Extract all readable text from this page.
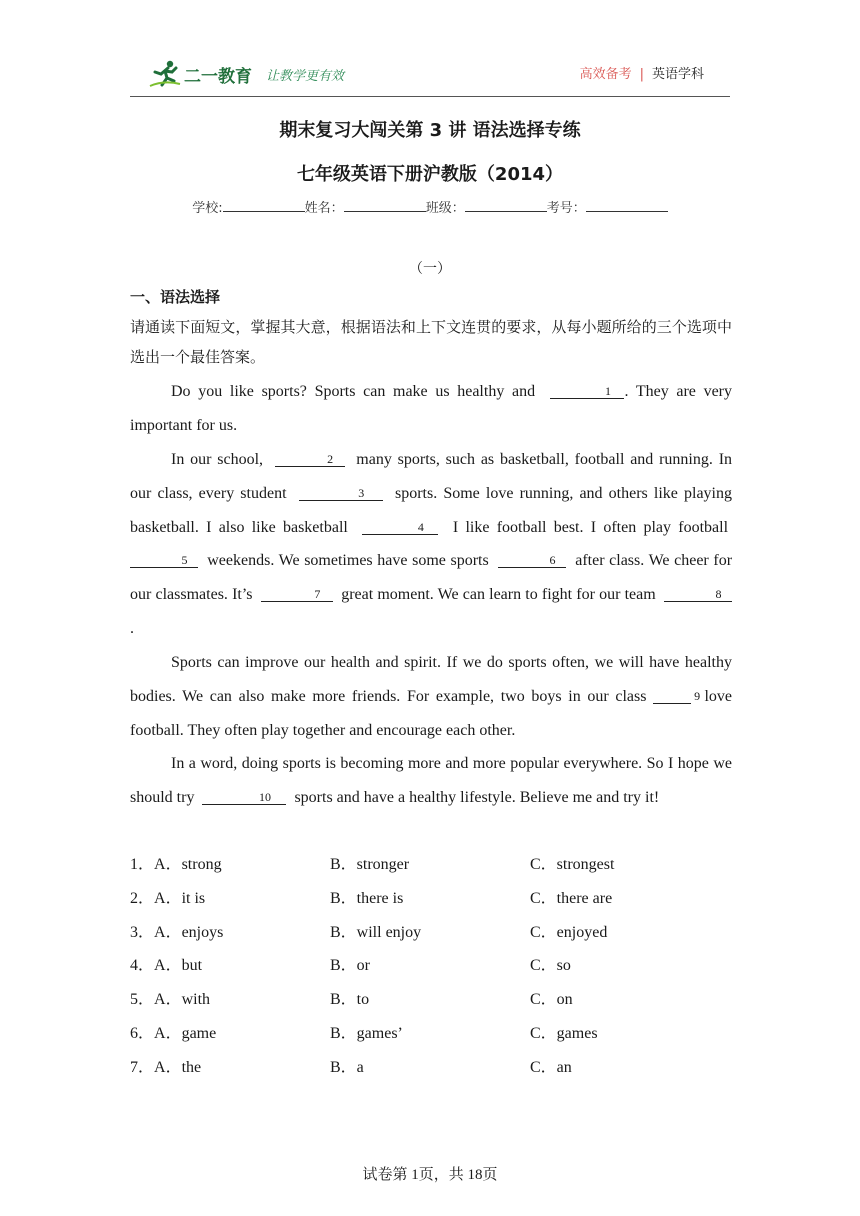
二一教育 让教学更有效	高效备考 | 英语学科
期末复习大闯关第 3 讲 语法选择专练
七年级英语下册沪教版（2014）
学校:	姓名：	班级：	考号：
（一）
一、语法选择
请通读下面短文，掌握其大意，根据语法和上下文连贯的要求，从每小题所给的三个选项中选出一个最佳答案。
Do you like sports? Sports can make us healthy and	1 . They are very important for us.
In our school,	2 many sports, such as basketball, football and running. In our class, every student	3 sports. Some love running, and others like playing basketball. I also like basketball	4 I like football best. I often play football  5 weekends. We sometimes have some sports	6 after class. We cheer for our classmates. It’s	7 great moment. We can learn to fight for our team	8.
Sports can improve our health and spirit. If we do sports often, we will have healthy bodies. We can also make more friends. For example, two boys in our class	9 love football. They often play together and encourage each other.
In a word, doing sports is becoming more and more popular everywhere. So I hope we should try	10 sports and have a healthy lifestyle. Believe me and try it!
1．A．strong	B．stronger	C．strongest
2．A．it is	B．there is	C．there are
3．A．enjoys	B．will enjoy	C．enjoyed
4．A．but	B．or	C．so
5．A．with	B．to	C．on
6．A．game	B．games’	C．games
7．A．the	B．a	C．an
试卷第 1页，共 18页
